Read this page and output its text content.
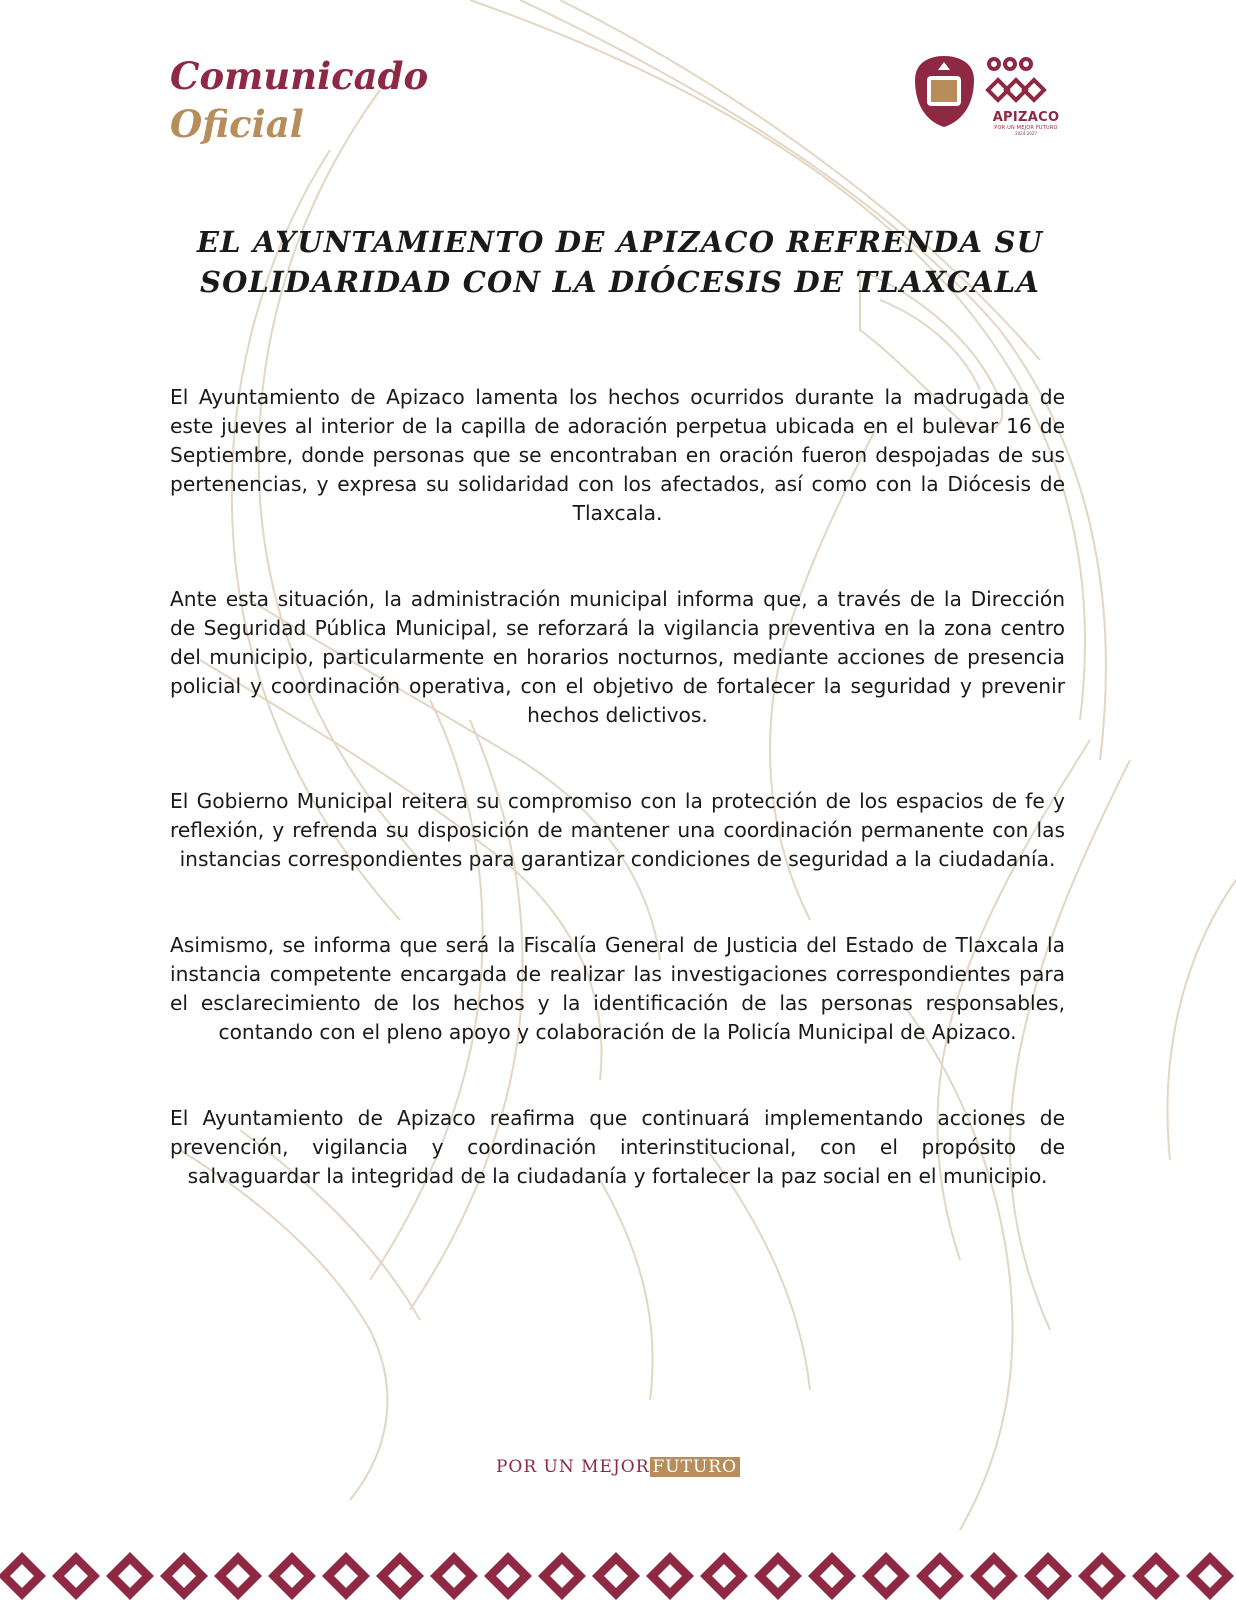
Comunicado
Oficial	APIZACO
POR UN MEJOR FUTURO
2024-2027
EL AYUNTAMIENTO DE APIZACO REFRENDA SU SOLIDARIDAD CON LA DIÓCESIS DE TLAXCALA

El Ayuntamiento de Apizaco lamenta los hechos ocurridos durante la madrugada de este jueves al interior de la capilla de adoración perpetua ubicada en el bulevar 16 de Septiembre, donde personas que se encontraban en oración fueron despojadas de sus pertenencias, y expresa su solidaridad con los afectados, así como con la Diócesis de Tlaxcala.

Ante esta situación, la administración municipal informa que, a través de la Dirección de Seguridad Pública Municipal, se reforzará la vigilancia preventiva en la zona centro del municipio, particularmente en horarios nocturnos, mediante acciones de presencia policial y coordinación operativa, con el objetivo de fortalecer la seguridad y prevenir hechos delictivos.

El Gobierno Municipal reitera su compromiso con la protección de los espacios de fe y reflexión, y refrenda su disposición de mantener una coordinación permanente con las instancias correspondientes para garantizar condiciones de seguridad a la ciudadanía.

Asimismo, se informa que será la Fiscalía General de Justicia del Estado de Tlaxcala la instancia competente encargada de realizar las investigaciones correspondientes para el esclarecimiento de los hechos y la identificación de las personas responsables, contando con el pleno apoyo y colaboración de la Policía Municipal de Apizaco.

El Ayuntamiento de Apizaco reafirma que continuará implementando acciones de prevención, vigilancia y coordinación interinstitucional, con el propósito de salvaguardar la integridad de la ciudadanía y fortalecer la paz social en el municipio.

POR UN MEJOR FUTURO
